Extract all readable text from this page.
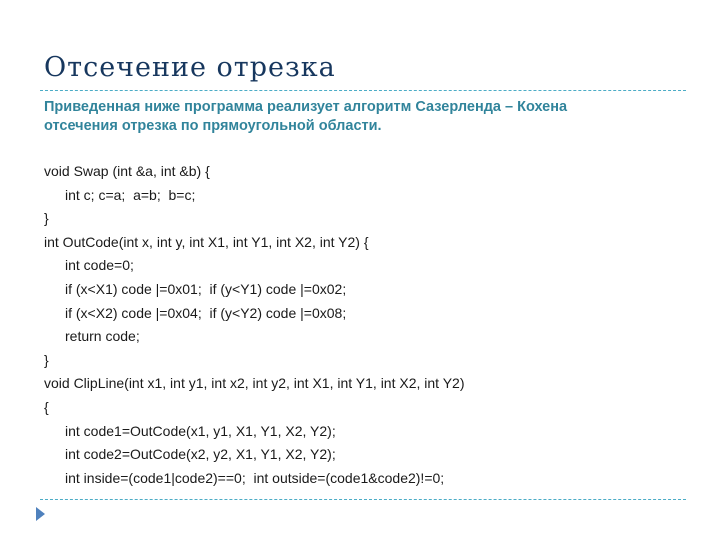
Отсечение отрезка
Приведенная ниже программа реализует алгоритм Сазерленда – Кохена
отсечения отрезка по прямоугольной области.
void Swap (int &a, int &b) {
int c; c=a;  a=b;  b=c;
}
int OutCode(int x, int y, int X1, int Y1, int X2, int Y2) {
int code=0;
if (x<X1) code |=0x01;  if (y<Y1) code |=0x02;
if (x<X2) code |=0x04;  if (y<Y2) code |=0x08;
return code;
}
void ClipLine(int x1, int y1, int x2, int y2, int X1, int Y1, int X2, int Y2)
{
int code1=OutCode(x1, y1, X1, Y1, X2, Y2);
int code2=OutCode(x2, y2, X1, Y1, X2, Y2);
int inside=(code1|code2)==0;  int outside=(code1&code2)!=0;
